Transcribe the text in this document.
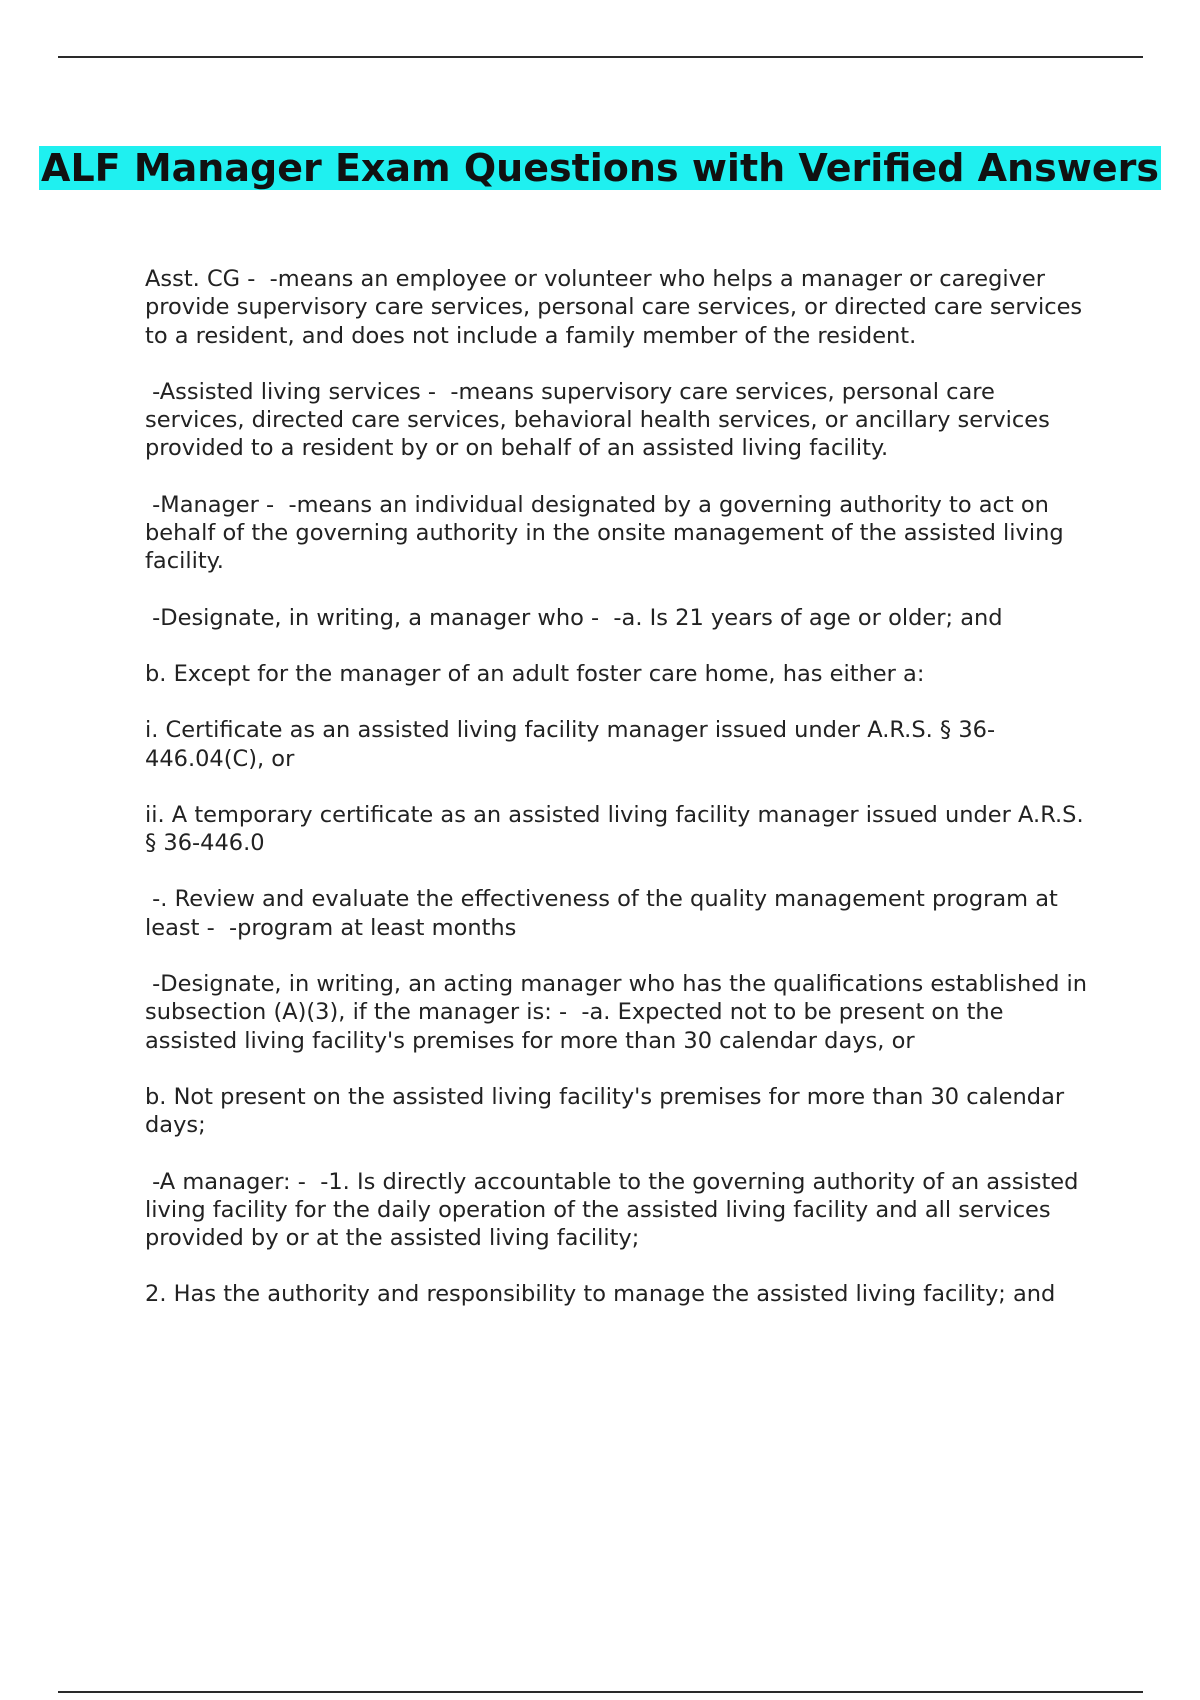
ALF Manager Exam Questions with Verified Answers

Asst. CG -  -means an employee or volunteer who helps a manager or caregiver provide supervisory care services, personal care services, or directed care services to a resident, and does not include a family member of the resident.

-Assisted living services -  -means supervisory care services, personal care services, directed care services, behavioral health services, or ancillary services provided to a resident by or on behalf of an assisted living facility.

-Manager -  -means an individual designated by a governing authority to act on behalf of the governing authority in the onsite management of the assisted living facility.

-Designate, in writing, a manager who -  -a. Is 21 years of age or older; and

b. Except for the manager of an adult foster care home, has either a:

i. Certificate as an assisted living facility manager issued under A.R.S. § 36-446.04(C), or

ii. A temporary certificate as an assisted living facility manager issued under A.R.S. § 36-446.0

-. Review and evaluate the effectiveness of the quality management program at least -  -program at least months

-Designate, in writing, an acting manager who has the qualifications established in subsection (A)(3), if the manager is: -  -a. Expected not to be present on the assisted living facility's premises for more than 30 calendar days, or

b. Not present on the assisted living facility's premises for more than 30 calendar days;

-A manager: -  -1. Is directly accountable to the governing authority of an assisted living facility for the daily operation of the assisted living facility and all services provided by or at the assisted living facility;

2. Has the authority and responsibility to manage the assisted living facility; and
